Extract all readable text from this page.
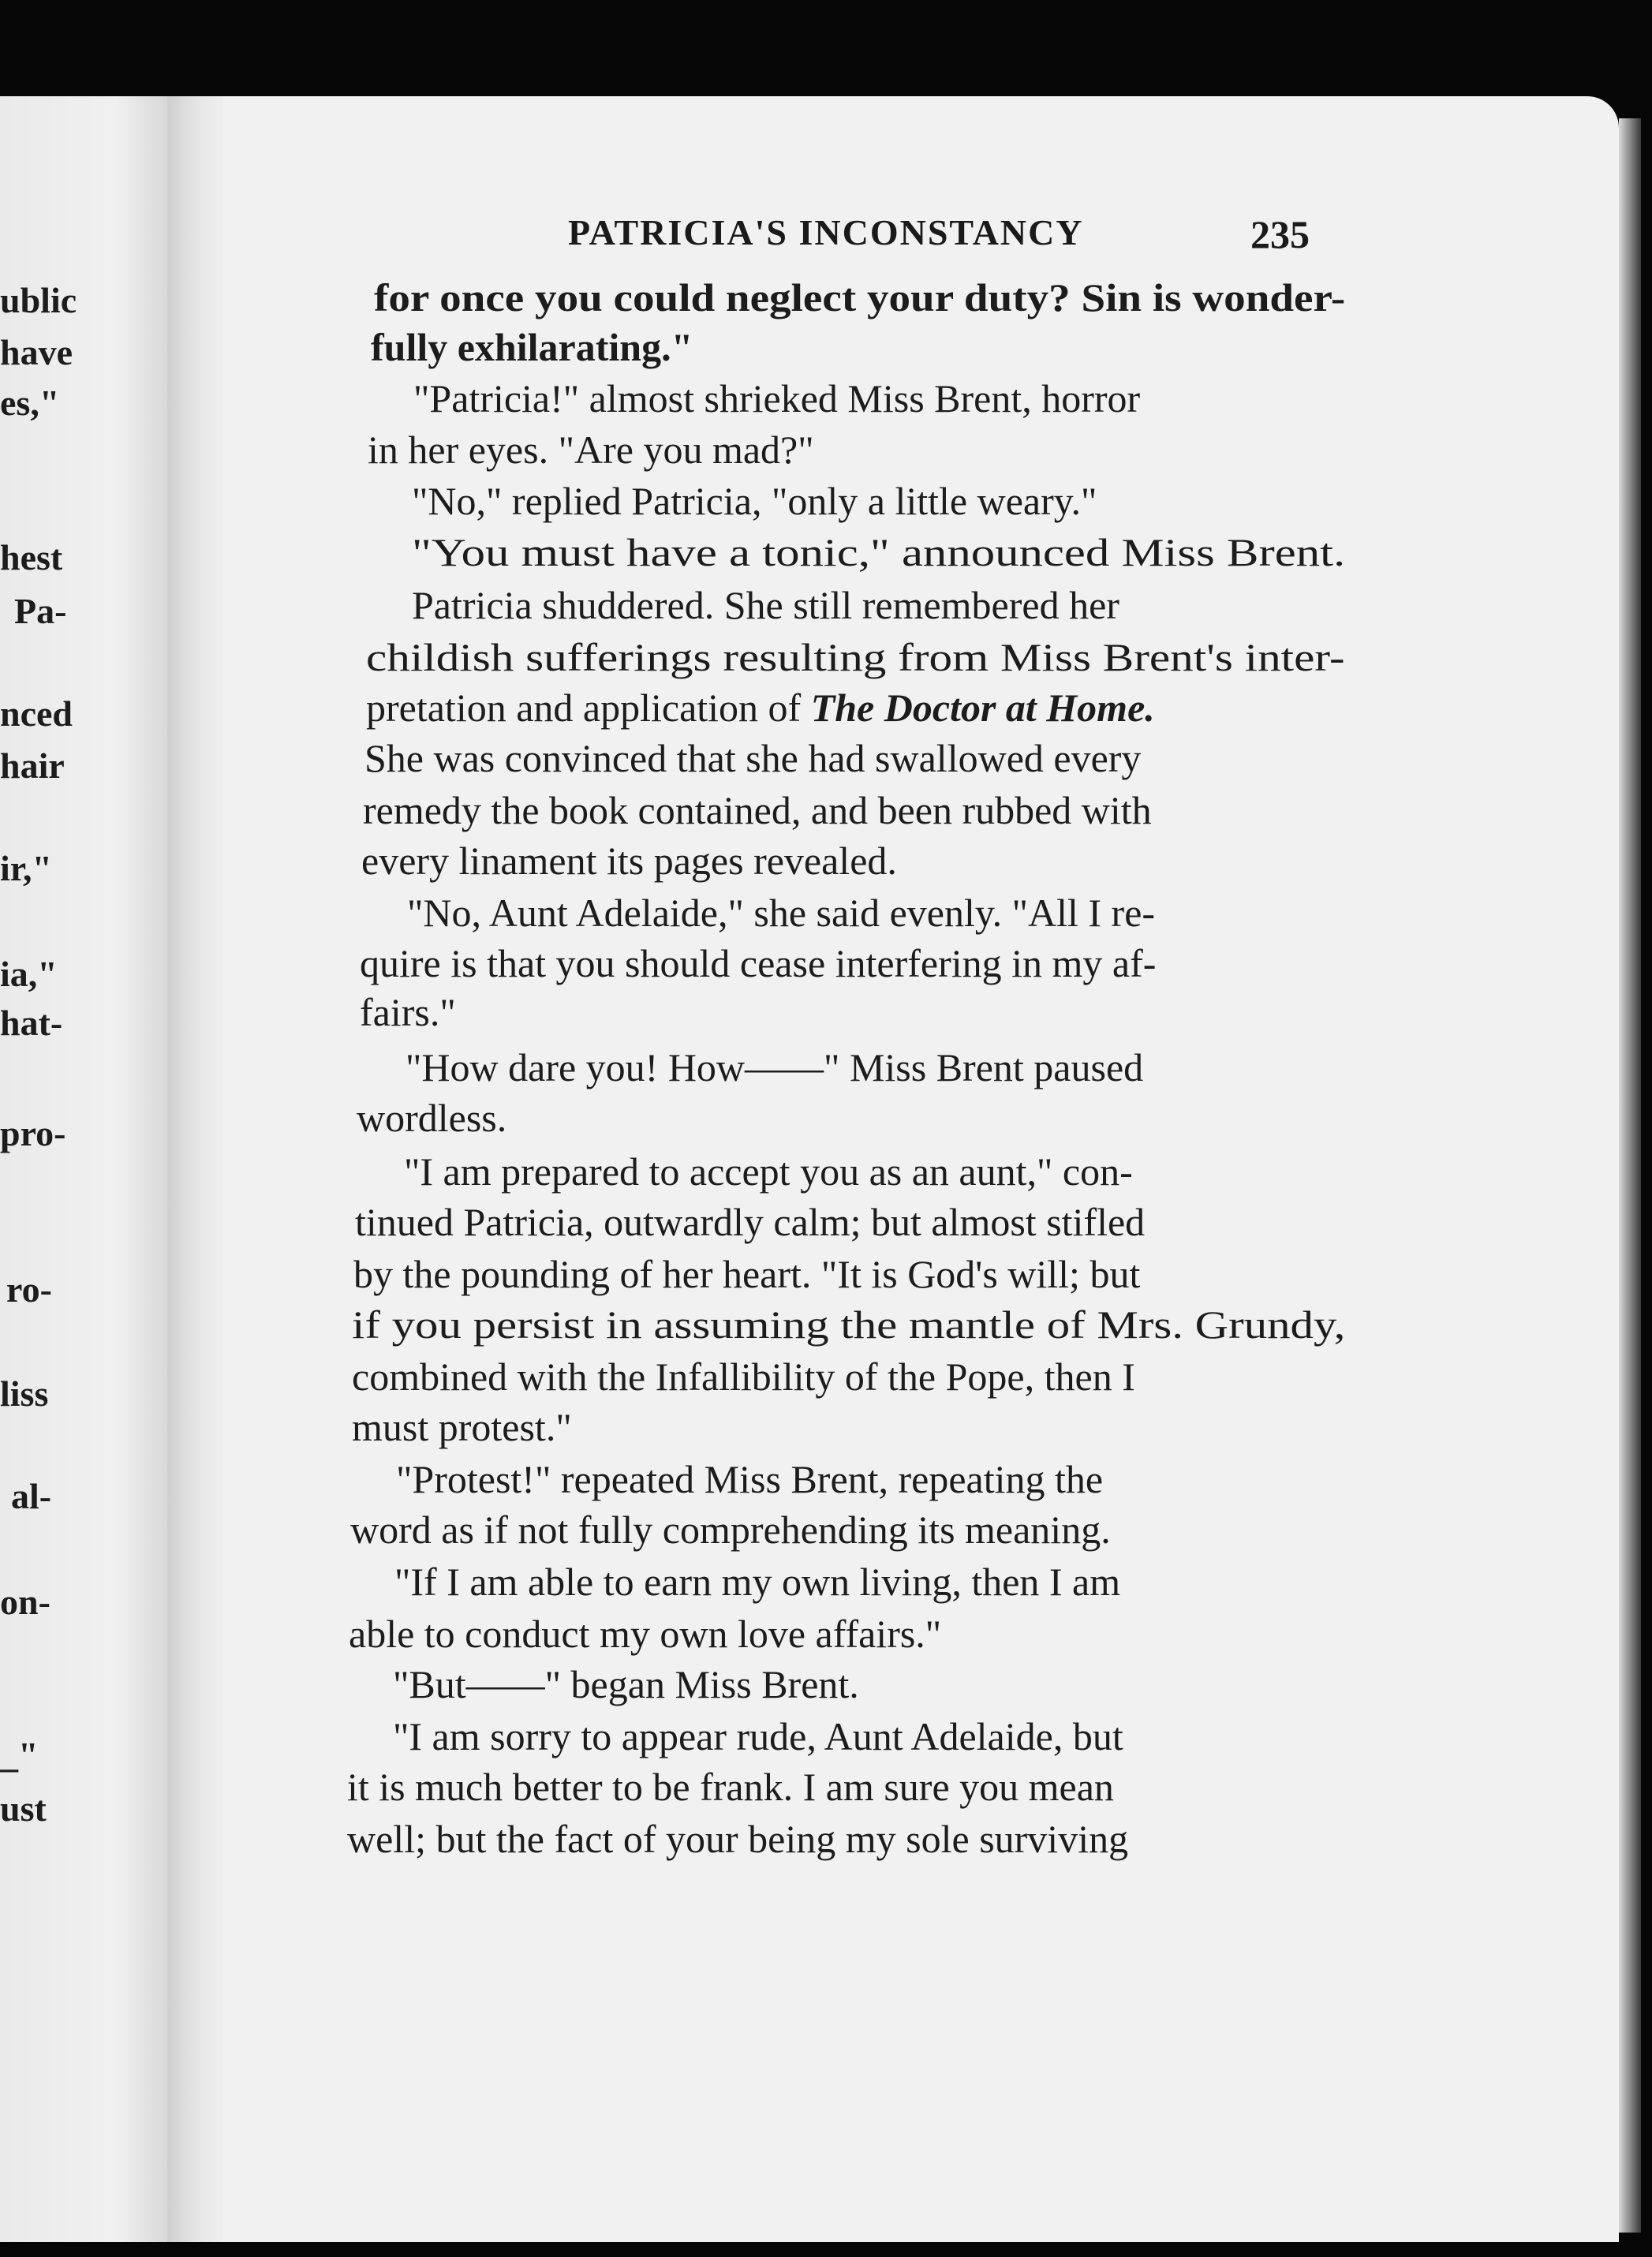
ublic
have
es,"
hest
Pa-
nced
hair
ir,"
ia,"
hat-
pro-
ro-
liss
al-
on-
_"
ust
PATRICIA'S INCONSTANCY	235
for once you could neglect your duty? Sin is wonder-
fully exhilarating."
"Patricia!" almost shrieked Miss Brent, horror
in her eyes. "Are you mad?"
"No," replied Patricia, "only a little weary."
"You must have a tonic," announced Miss Brent.
Patricia shuddered. She still remembered her
childish sufferings resulting from Miss Brent's inter-
pretation and application of The Doctor at Home.
She was convinced that she had swallowed every
remedy the book contained, and been rubbed with
every linament its pages revealed.
"No, Aunt Adelaide," she said evenly. "All I re-
quire is that you should cease interfering in my af-
fairs."
"How dare you! How——" Miss Brent paused
wordless.
"I am prepared to accept you as an aunt," con-
tinued Patricia, outwardly calm; but almost stifled
by the pounding of her heart. "It is God's will; but
if you persist in assuming the mantle of Mrs. Grundy,
combined with the Infallibility of the Pope, then I
must protest."
"Protest!" repeated Miss Brent, repeating the
word as if not fully comprehending its meaning.
"If I am able to earn my own living, then I am
able to conduct my own love affairs."
"But——" began Miss Brent.
"I am sorry to appear rude, Aunt Adelaide, but
it is much better to be frank. I am sure you mean
well; but the fact of your being my sole surviving
